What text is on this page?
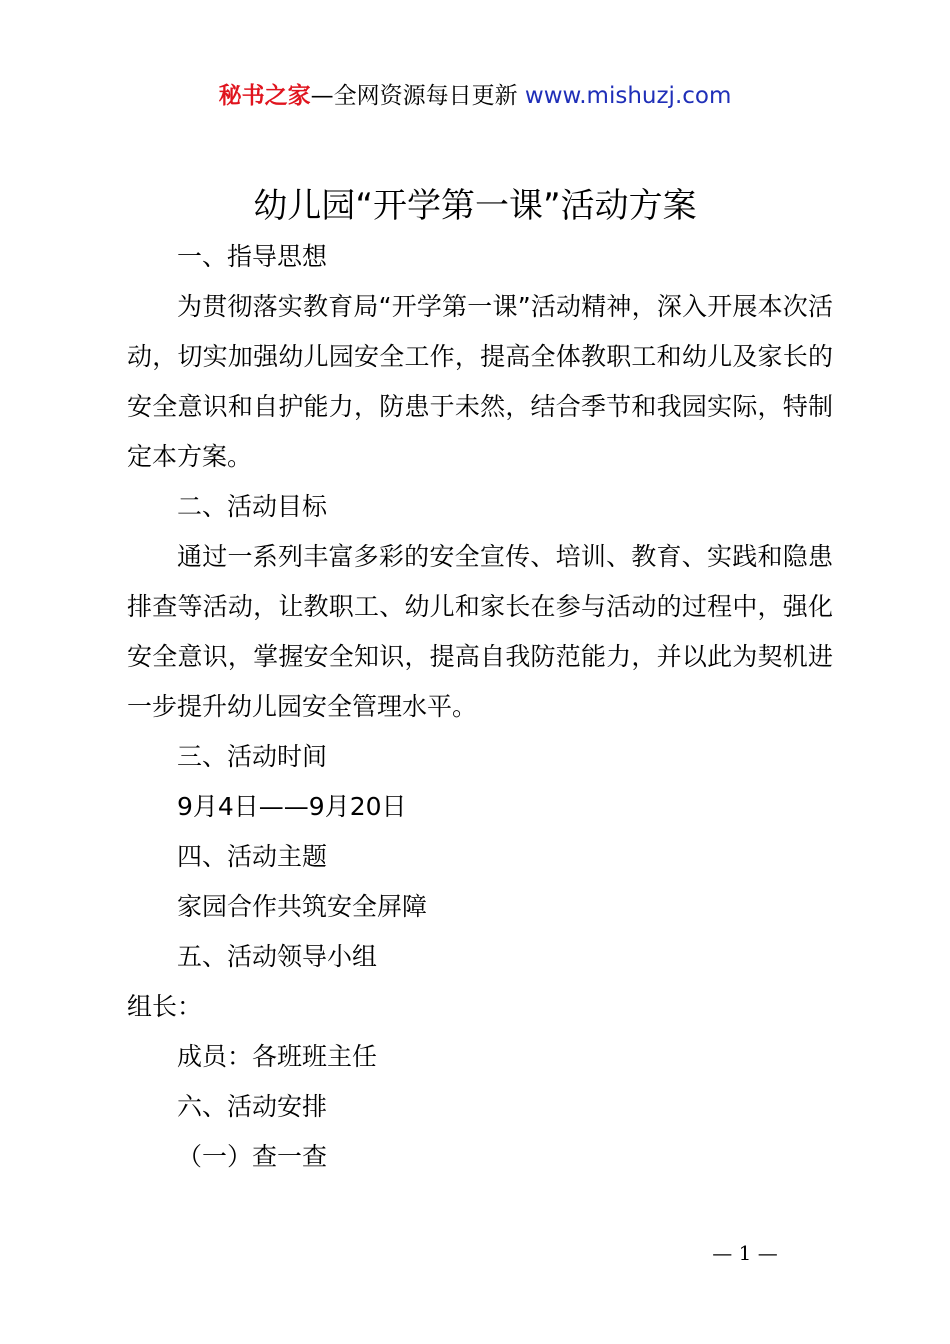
秘书之家—全网资源每日更新 www.mishuzj.com
幼儿园“开学第一课”活动方案

一、指导思想

为贯彻落实教育局“开学第一课”活动精神，深入开展本次活动，切实加强幼儿园安全工作，提高全体教职工和幼儿及家长的安全意识和自护能力，防患于未然，结合季节和我园实际，特制定本方案。

二、活动目标

通过一系列丰富多彩的安全宣传、培训、教育、实践和隐患排查等活动，让教职工、幼儿和家长在参与活动的过程中，强化安全意识，掌握安全知识，提高自我防范能力，并以此为契机进一步提升幼儿园安全管理水平。

三、活动时间

9月4日——9月20日

四、活动主题

家园合作共筑安全屏障

五、活动领导小组

组长：

成员：各班班主任

六、活动安排

（一）查一查

— 1 —
